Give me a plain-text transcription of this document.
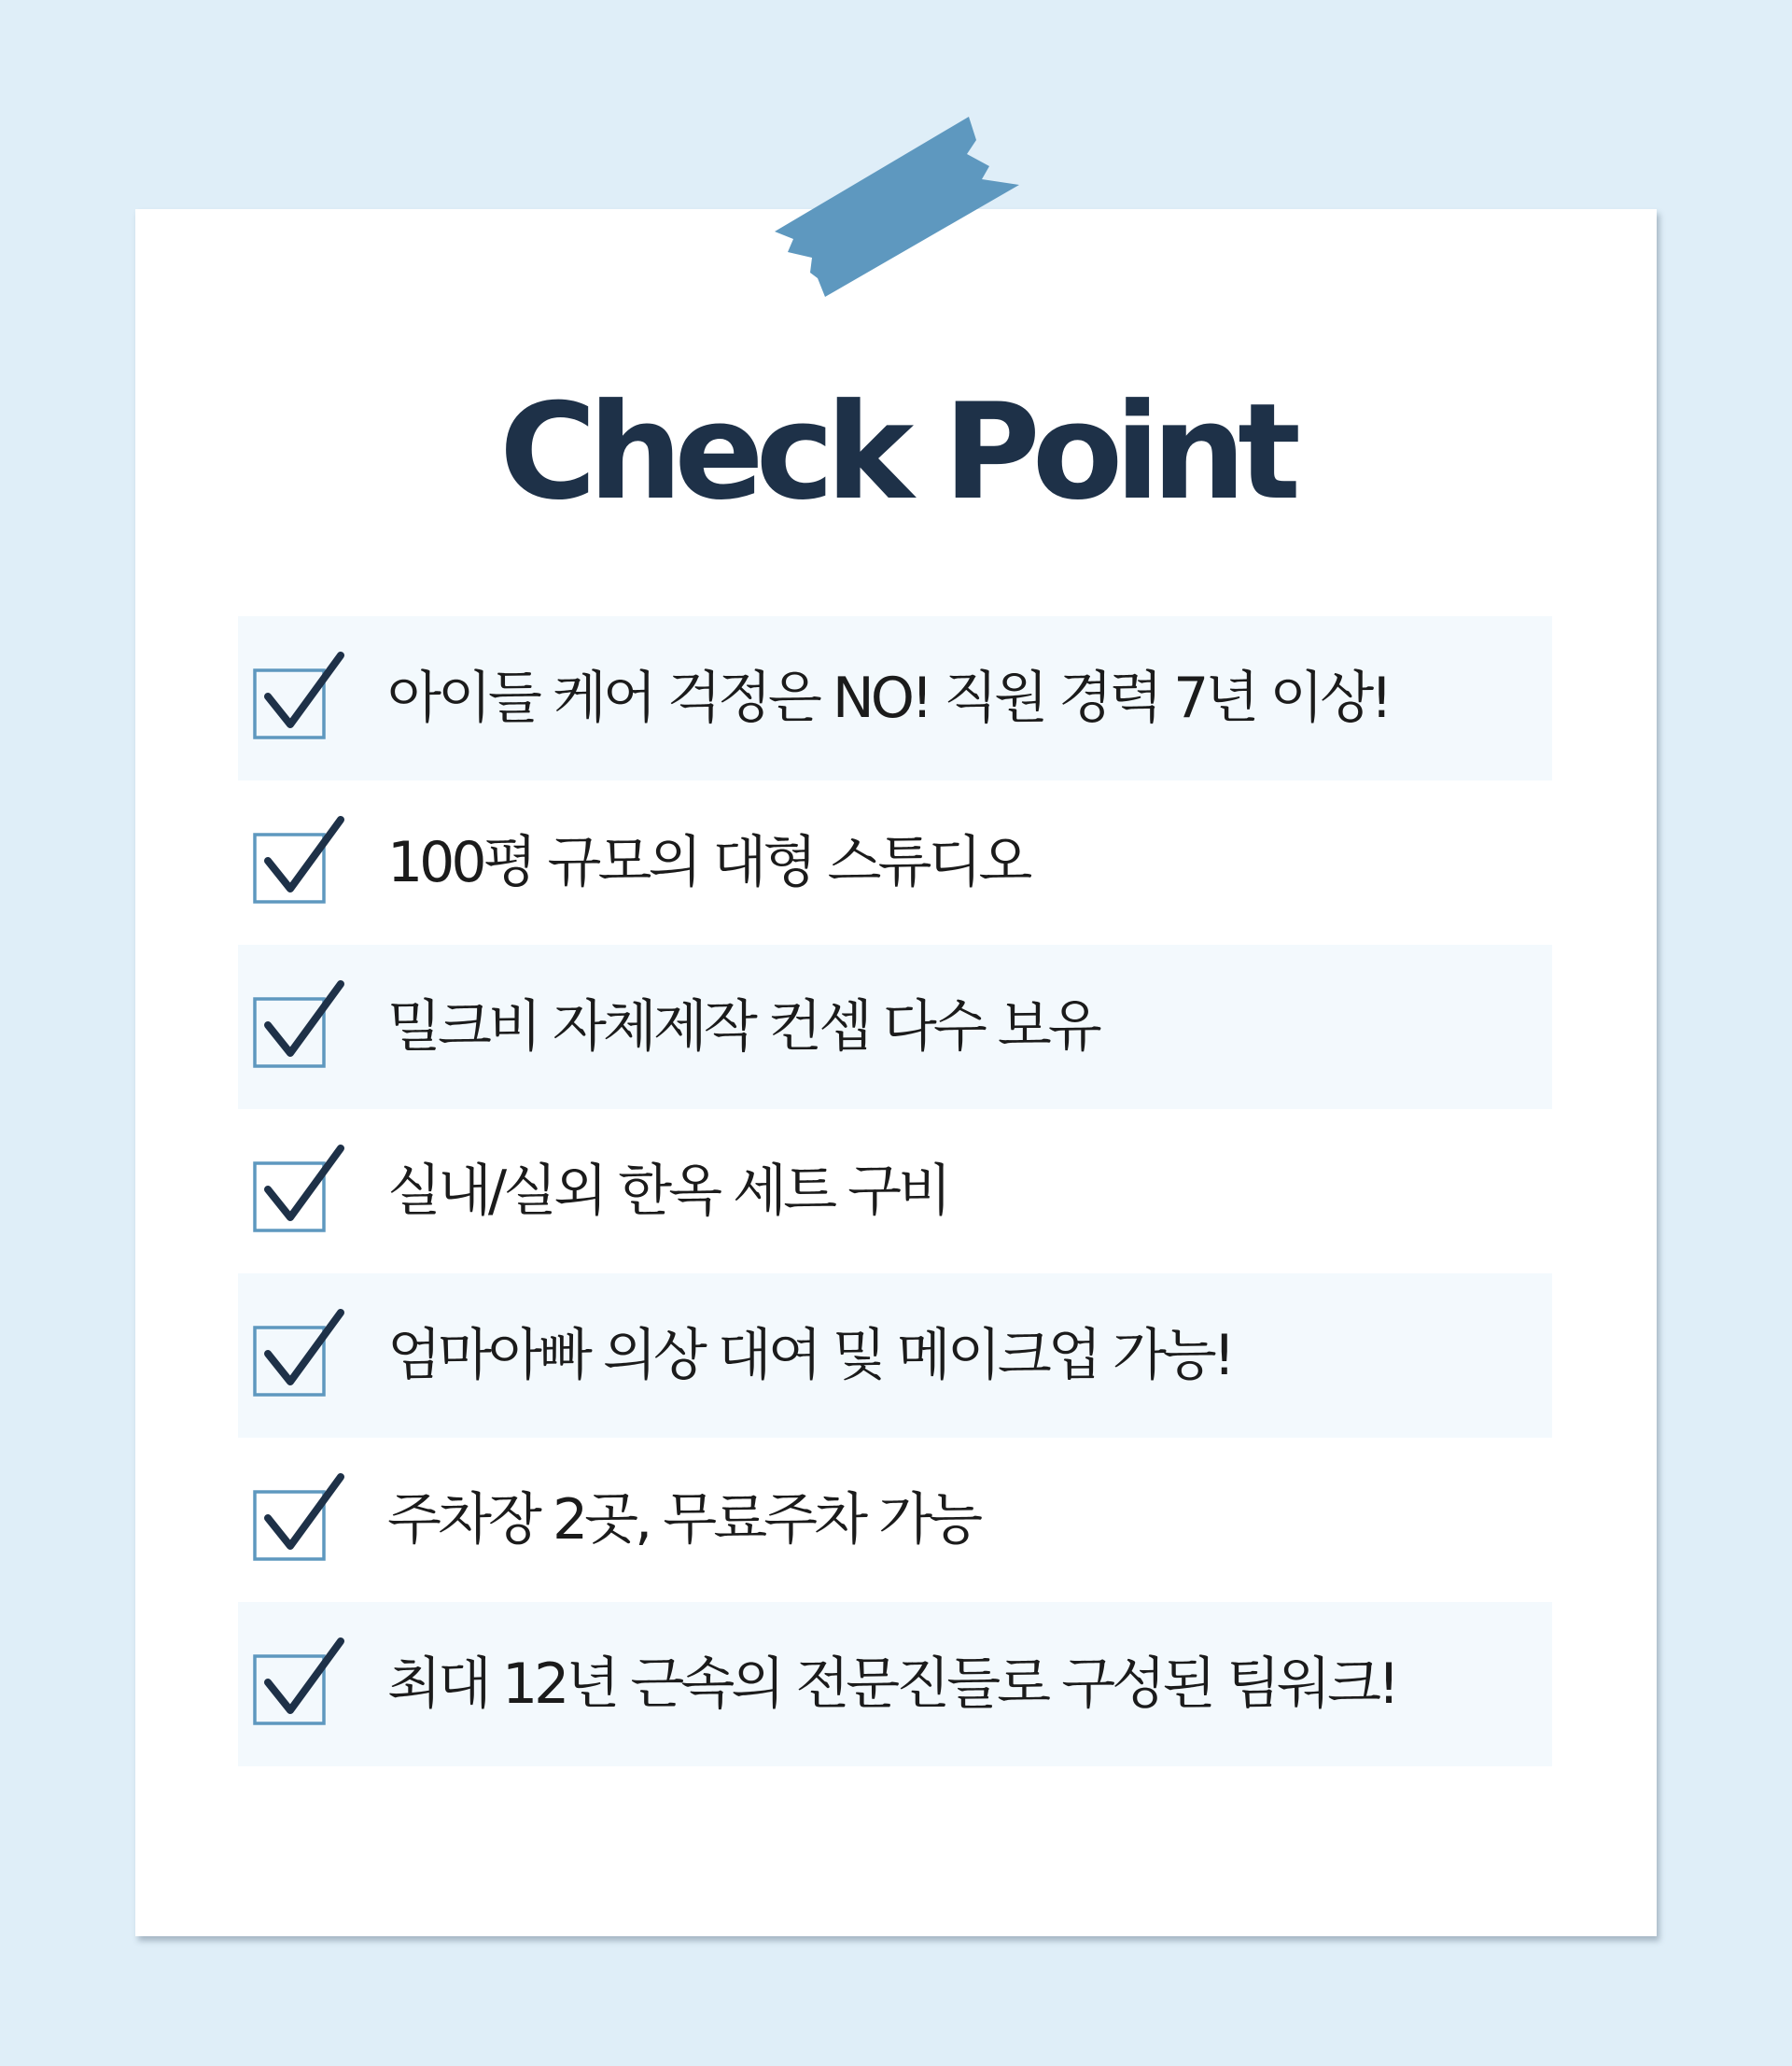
Check Point
아이들 케어 걱정은 NO! 직원 경력 7년 이상!
100평 규모의 대형 스튜디오
밀크비 자체제작 컨셉 다수 보유
실내/실외 한옥 세트 구비
엄마아빠 의상 대여 및 메이크업 가능!
주차장 2곳, 무료주차 가능
최대 12년 근속의 전문진들로 구성된 팀워크!
